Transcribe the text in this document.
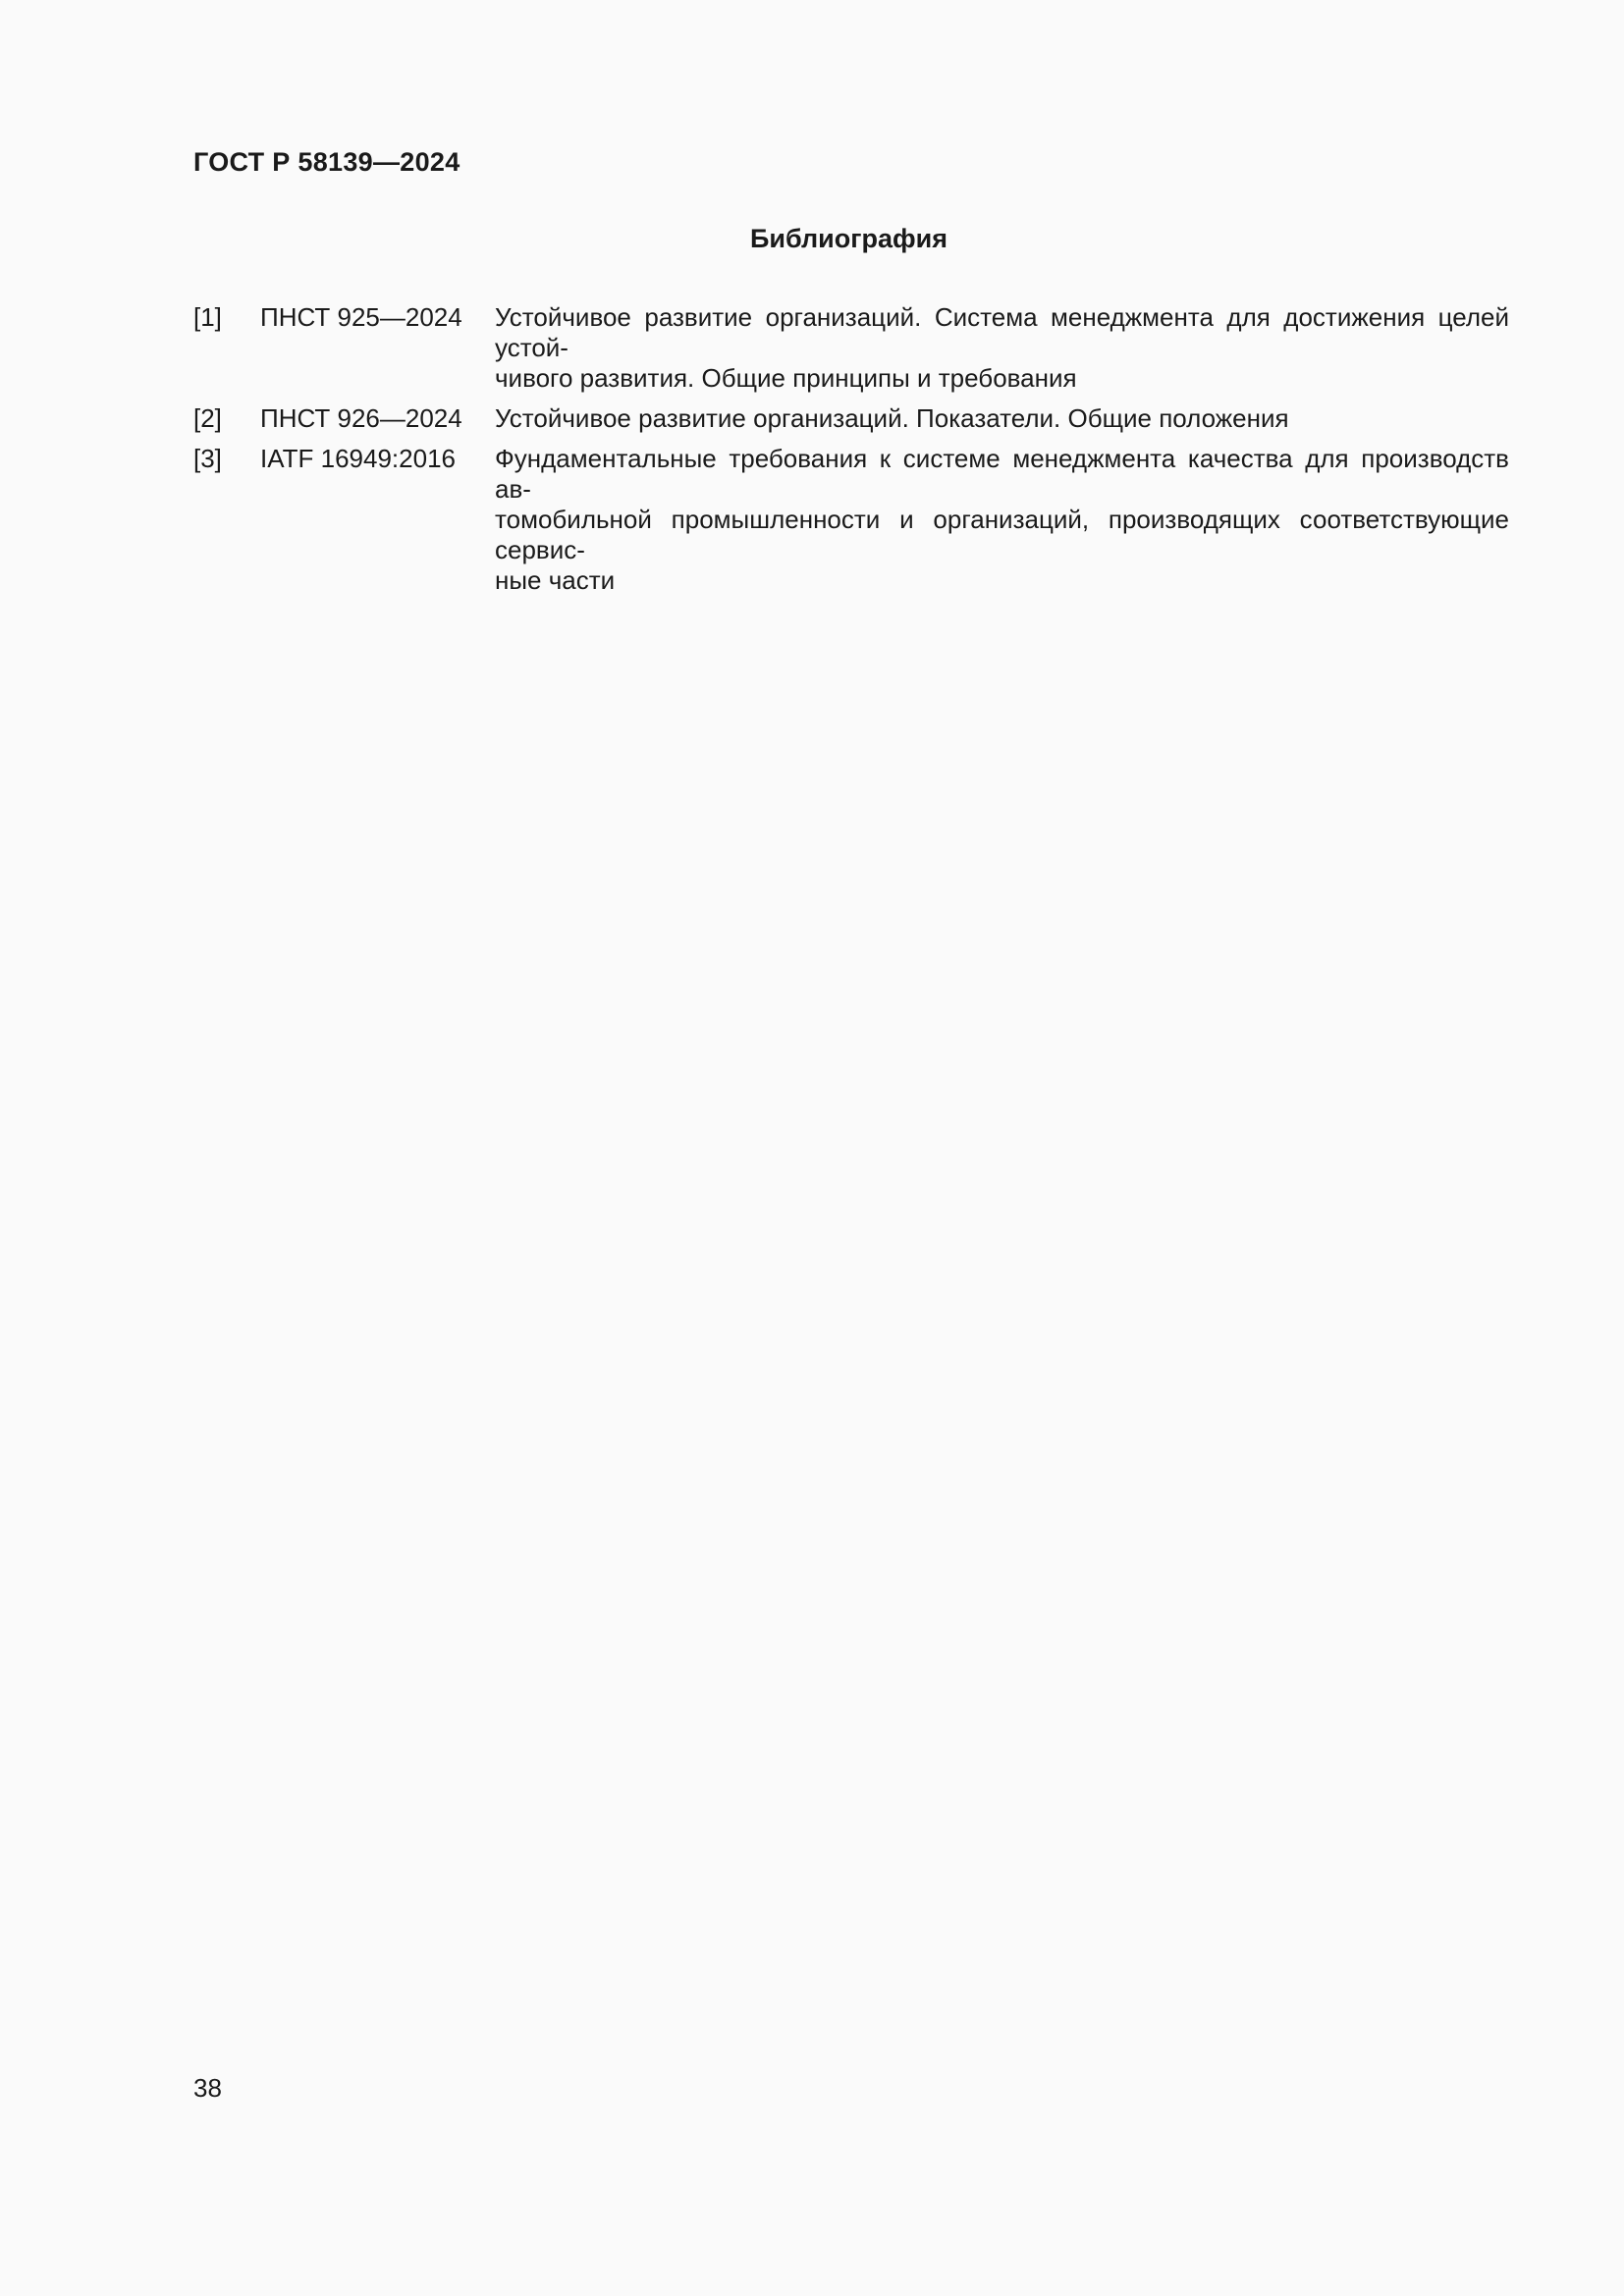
ГОСТ Р 58139—2024
Библиография
[1]	ПНСТ 925—2024	Устойчивое развитие организаций. Система менеджмента для достижения целей устой-
чивого развития. Общие принципы и требования
[2]	ПНСТ 926—2024	Устойчивое развитие организаций. Показатели. Общие положения
[3]	IATF 16949:2016	Фундаментальные требования к системе менеджмента качества для производств ав-
томобильной промышленности и организаций, производящих соответствующие сервис-
ные части
38
